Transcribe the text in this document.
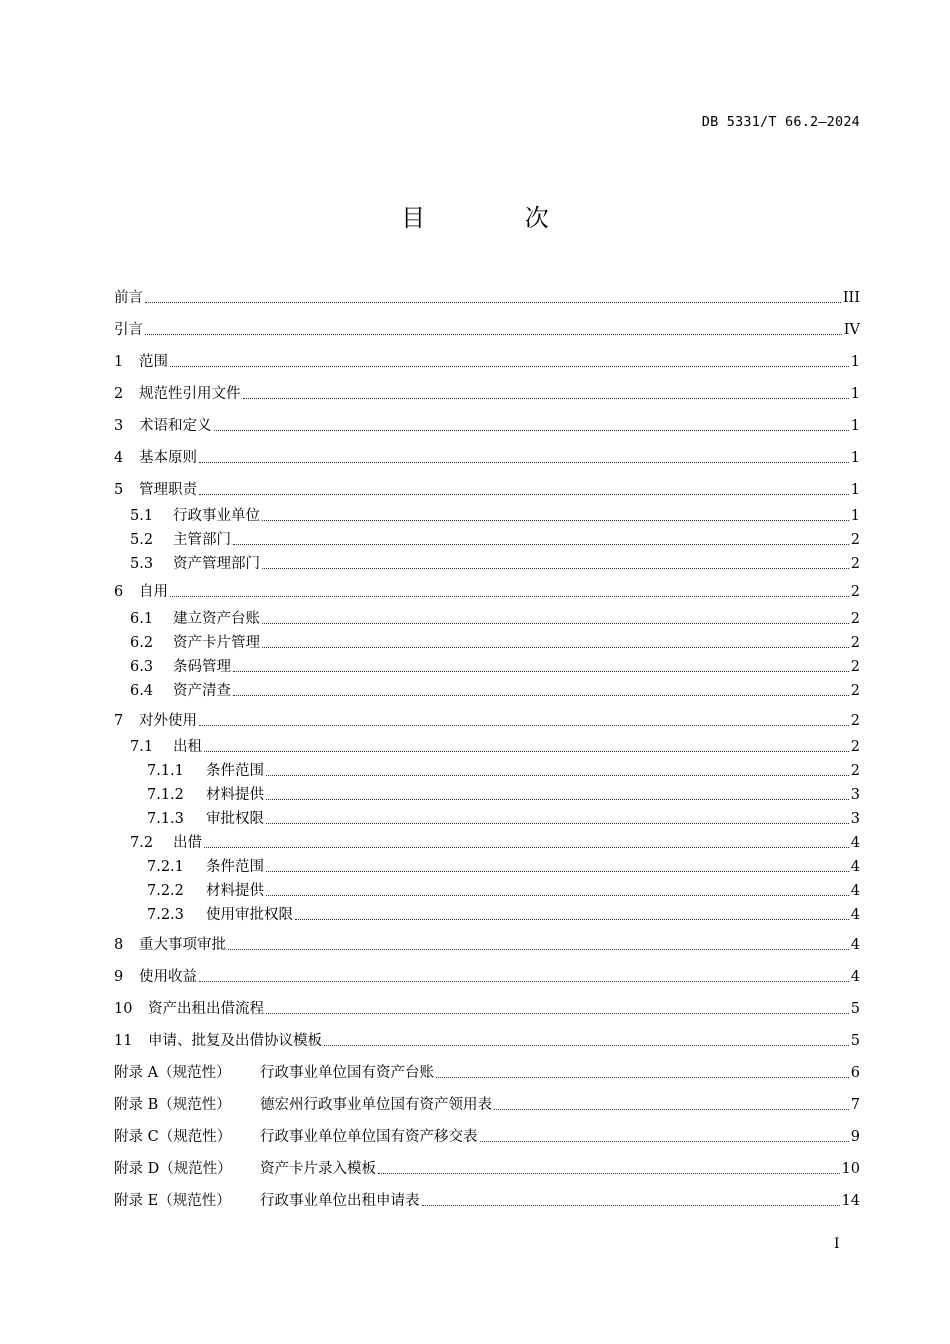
DB 5331/T 66.2—2024
目 次
前言	III
引言	IV
1	范围	1
2	规范性引用文件	1
3	术语和定义	1
4	基本原则	1
5	管理职责	1
5.1	行政事业单位	1
5.2	主管部门	2
5.3	资产管理部门	2
6	自用	2
6.1	建立资产台账	2
6.2	资产卡片管理	2
6.3	条码管理	2
6.4	资产清查	2
7	对外使用	2
7.1	出租	2
7.1.1	条件范围	2
7.1.2	材料提供	3
7.1.3	审批权限	3
7.2	出借	4
7.2.1	条件范围	4
7.2.2	材料提供	4
7.2.3	使用审批权限	4
8	重大事项审批	4
9	使用收益	4
10	资产出租出借流程	5
11	申请、批复及出借协议模板	5
附录 A（规范性）	行政事业单位国有资产台账	6
附录 B（规范性）	德宏州行政事业单位国有资产领用表	7
附录 C（规范性）	行政事业单位单位国有资产移交表	9
附录 D（规范性）	资产卡片录入模板	10
附录 E（规范性）	行政事业单位出租申请表	14
I
